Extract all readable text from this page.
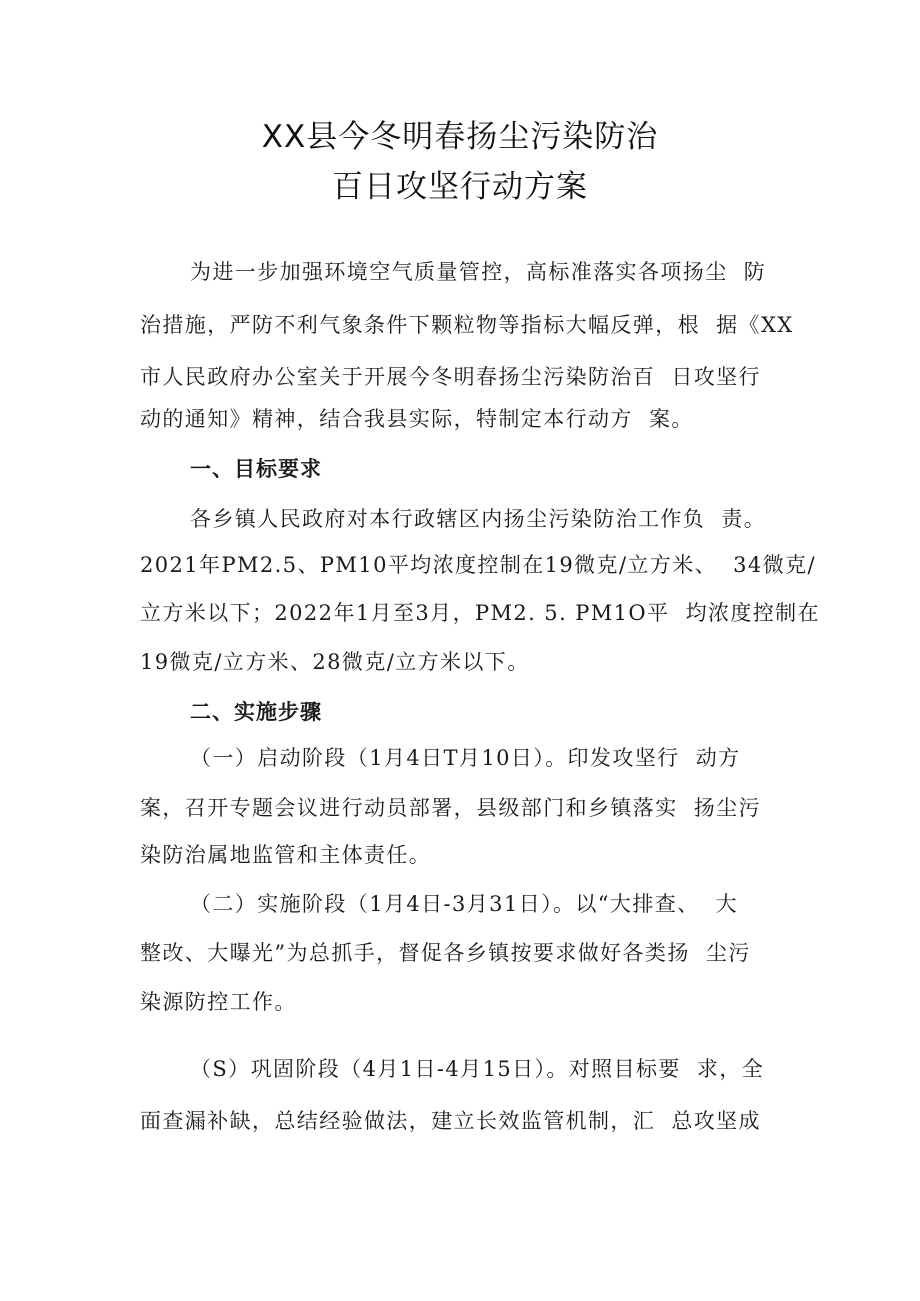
XX县今冬明春扬尘污染防治
百日攻坚行动方案
为进一步加强环境空气质量管控，高标准落实各项扬尘  防
治措施，严防不利气象条件下颗粒物等指标大幅反弹，根  据《XX
市人民政府办公室关于开展今冬明春扬尘污染防治百  日攻坚行
动的通知》精神，结合我县实际，特制定本行动方  案。
一、目标要求
各乡镇人民政府对本行政辖区内扬尘污染防治工作负  责。
2021年PM2.5、PM10平均浓度控制在19微克/立方米、  34微克/
立方米以下；2022年1月至3月，PM2. 5. PM1O平  均浓度控制在
19微克/立方米、28微克/立方米以下。
二、实施步骤
（一）启动阶段（1月4日T月10日）。印发攻坚行  动方
案，召开专题会议进行动员部署，县级部门和乡镇落实  扬尘污
染防治属地监管和主体责任。
（二）实施阶段（1月4日-3月31日）。以“大排查、  大
整改、大曝光”为总抓手，督促各乡镇按要求做好各类扬  尘污
染源防控工作。
（S）巩固阶段（4月1日-4月15日）。对照目标要  求，全
面查漏补缺，总结经验做法，建立长效监管机制，汇  总攻坚成
